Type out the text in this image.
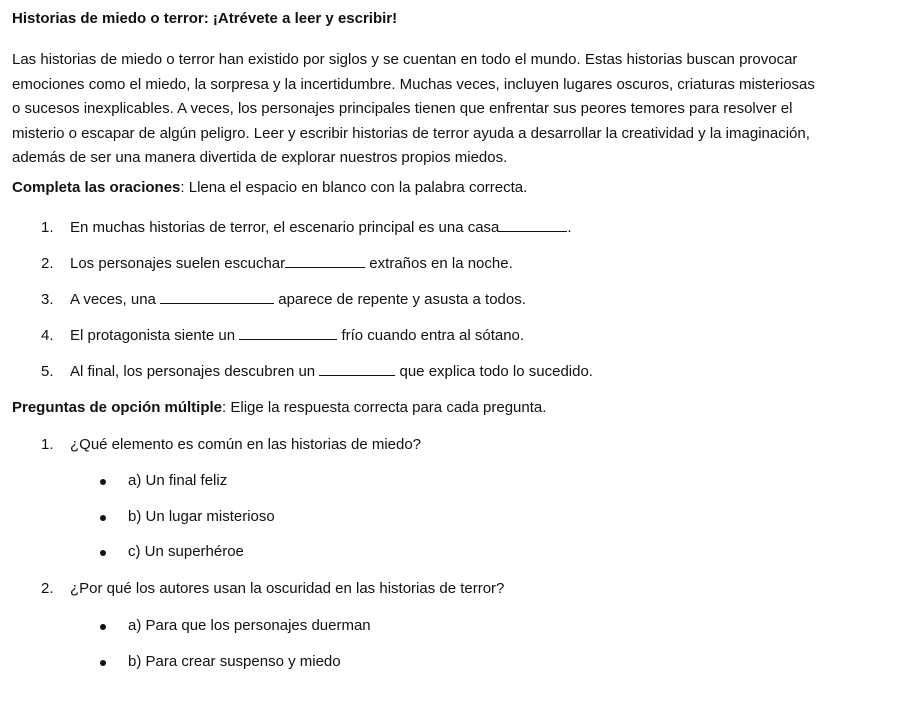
Historias de miedo o terror: ¡Atrévete a leer y escribir!
Las historias de miedo o terror han existido por siglos y se cuentan en todo el mundo. Estas historias buscan provocar
emociones como el miedo, la sorpresa y la incertidumbre. Muchas veces, incluyen lugares oscuros, criaturas misteriosas
o sucesos inexplicables. A veces, los personajes principales tienen que enfrentar sus peores temores para resolver el
misterio o escapar de algún peligro. Leer y escribir historias de terror ayuda a desarrollar la creatividad y la imaginación,
además de ser una manera divertida de explorar nuestros propios miedos.
Completa las oraciones: Llena el espacio en blanco con la palabra correcta.
1. En muchas historias de terror, el escenario principal es una casa	.
2. Los personajes suelen escuchar	extraños en la noche.
3. A veces, una	aparece de repente y asusta a todos.
4. El protagonista siente un	frío cuando entra al sótano.
5. Al final, los personajes descubren un	que explica todo lo sucedido.
Preguntas de opción múltiple: Elige la respuesta correcta para cada pregunta.
1. ¿Qué elemento es común en las historias de miedo?
a) Un final feliz
b) Un lugar misterioso
c) Un superhéroe
2. ¿Por qué los autores usan la oscuridad en las historias de terror?
a) Para que los personajes duerman
b) Para crear suspenso y miedo
